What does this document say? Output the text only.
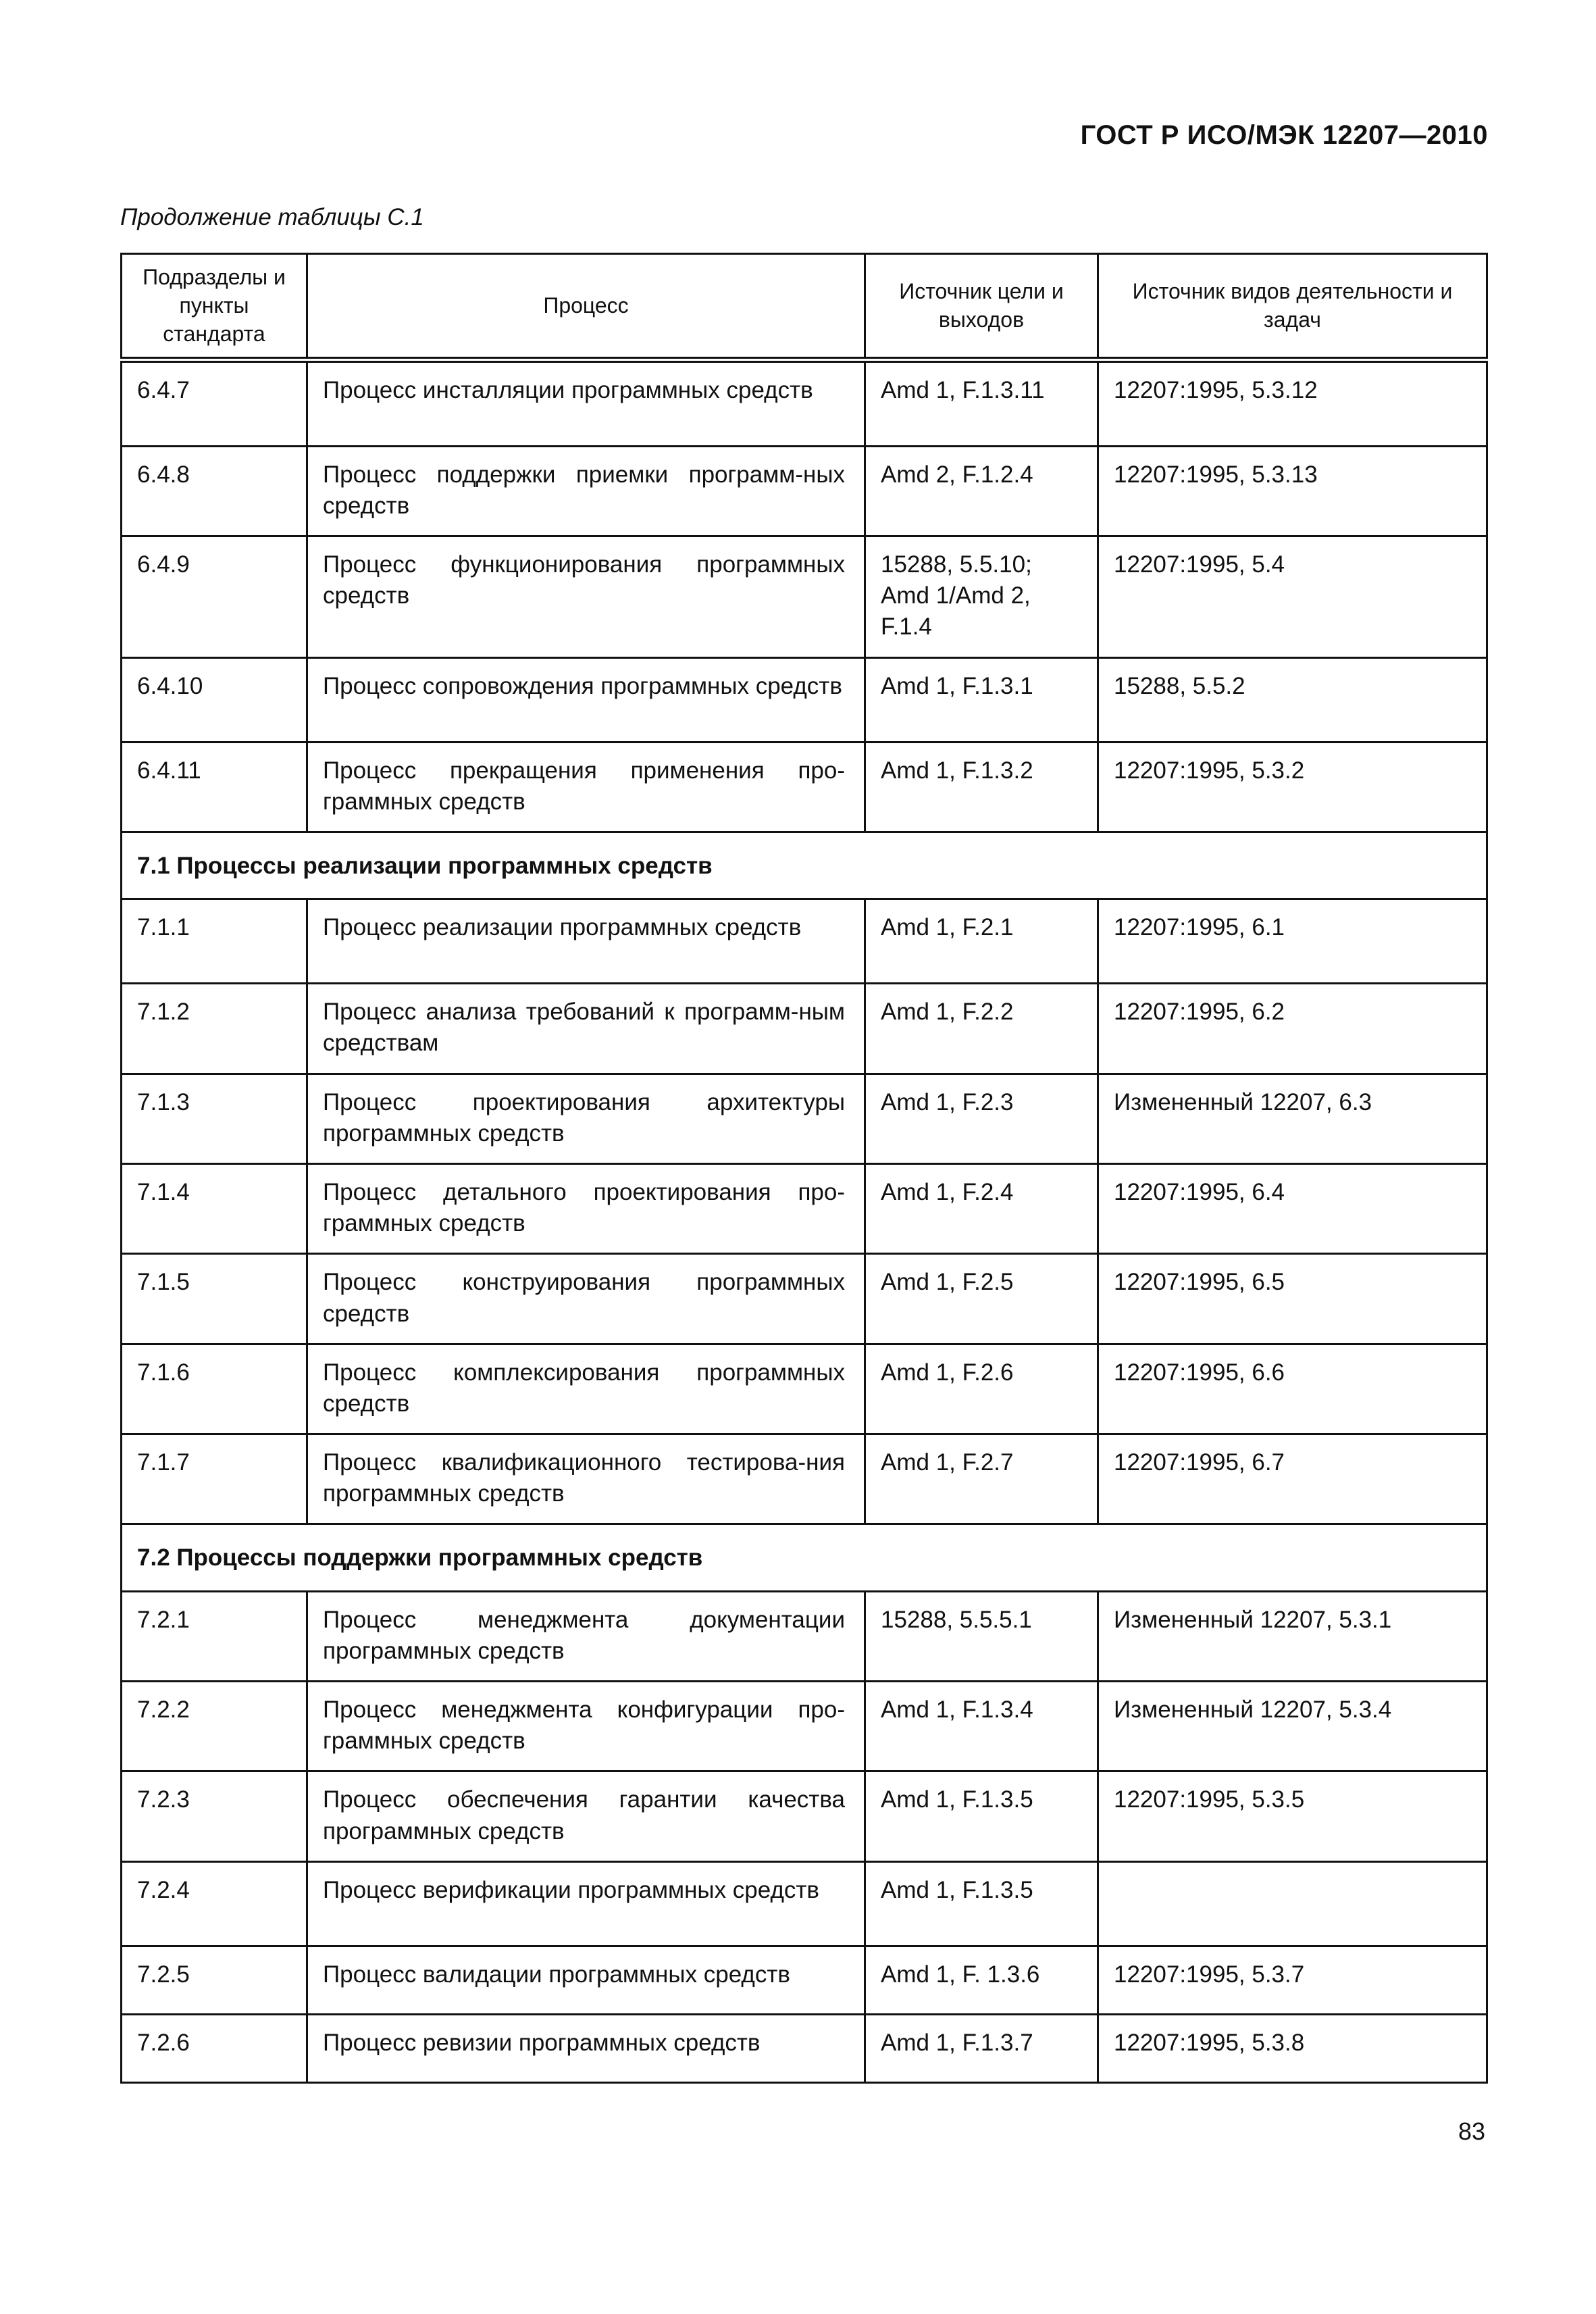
ГОСТ Р ИСО/МЭК 12207—2010
Продолжение таблицы С.1
Подразделы и пункты стандарта	Процесс	Источник цели и выходов	Источник видов деятельности и задач
6.4.7	Процесс инсталляции программных средств	Amd 1, F.1.3.11	12207:1995, 5.3.12
6.4.8	Процесс поддержки приемки программ-ных средств	Amd 2, F.1.2.4	12207:1995, 5.3.13
6.4.9	Процесс функционирования программных средств	15288, 5.5.10; Amd 1/Amd 2, F.1.4	12207:1995, 5.4
6.4.10	Процесс сопровождения программных средств	Amd 1, F.1.3.1	15288, 5.5.2
6.4.11	Процесс прекращения применения про-граммных средств	Amd 1, F.1.3.2	12207:1995, 5.3.2
7.1 Процессы реализации программных средств			
7.1.1	Процесс реализации программных средств	Amd 1, F.2.1	12207:1995, 6.1
7.1.2	Процесс анализа требований к программ-ным средствам	Amd 1, F.2.2	12207:1995, 6.2
7.1.3	Процесс проектирования архитектуры программных средств	Amd 1, F.2.3	Измененный 12207, 6.3
7.1.4	Процесс детального проектирования про-граммных средств	Amd 1, F.2.4	12207:1995, 6.4
7.1.5	Процесс конструирования программных средств	Amd 1, F.2.5	12207:1995, 6.5
7.1.6	Процесс комплексирования программных средств	Amd 1, F.2.6	12207:1995, 6.6
7.1.7	Процесс квалификационного тестирова-ния программных средств	Amd 1, F.2.7	12207:1995, 6.7
7.2 Процессы поддержки программных средств			
7.2.1	Процесс менеджмента документации программных средств	15288, 5.5.5.1	Измененный 12207, 5.3.1
7.2.2	Процесс менеджмента конфигурации про-граммных средств	Amd 1, F.1.3.4	Измененный 12207, 5.3.4
7.2.3	Процесс обеспечения гарантии качества программных средств	Amd 1, F.1.3.5	12207:1995, 5.3.5
7.2.4	Процесс верификации программных средств	Amd 1, F.1.3.5	
7.2.5	Процесс валидации программных средств	Amd 1, F. 1.3.6	12207:1995, 5.3.7
7.2.6	Процесс ревизии программных средств	Amd 1, F.1.3.7	12207:1995, 5.3.8
83
